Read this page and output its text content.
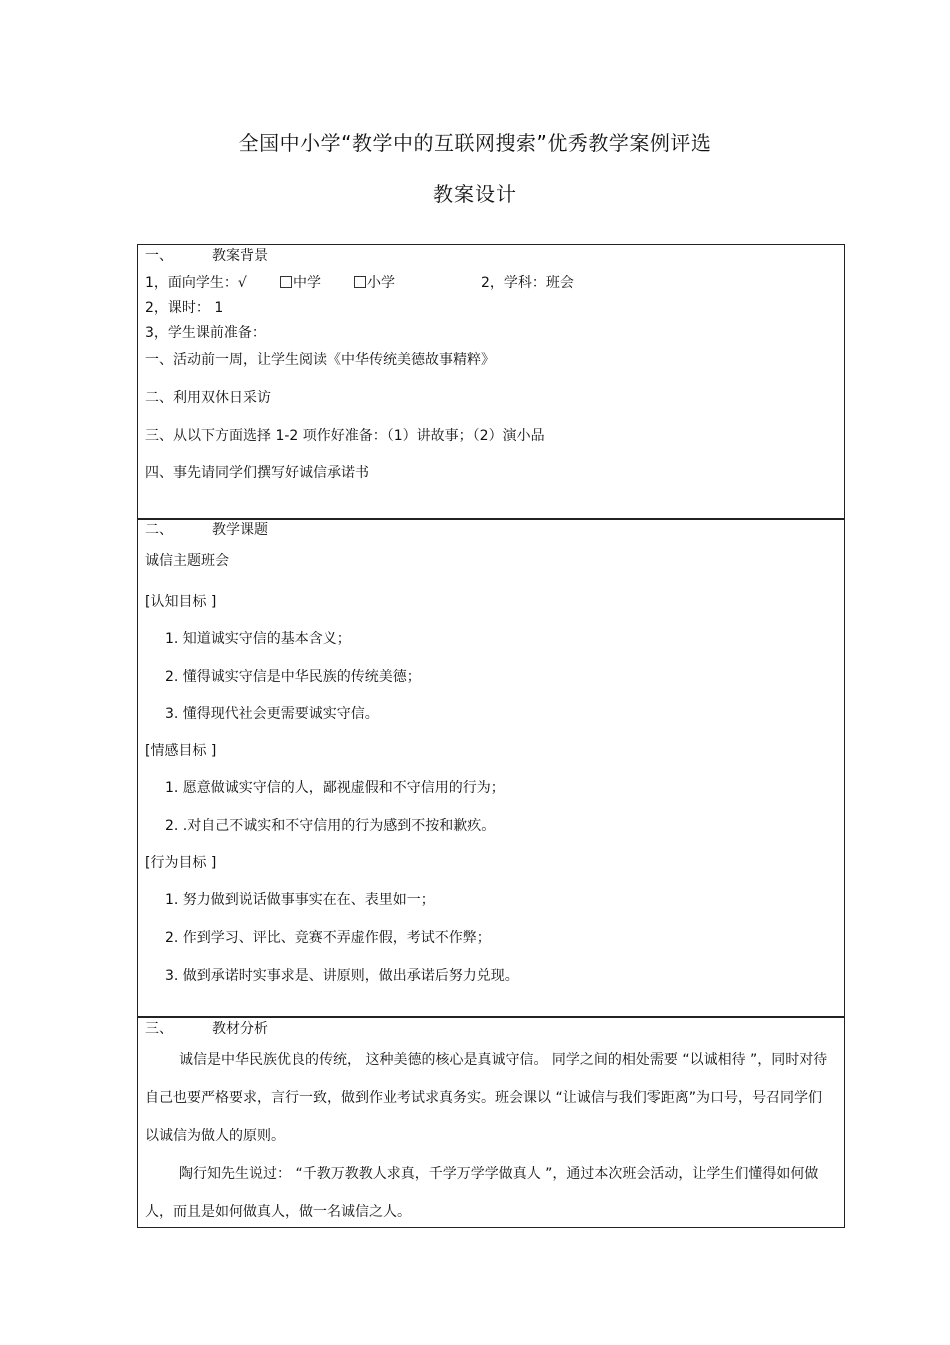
全国中小学“教学中的互联网搜索”优秀教学案例评选
教案设计
一、	教案背景
1，面向学生：√	中学	小学	2，学科：班会
2，课时： 1
3，学生课前准备：
一、活动前一周，让学生阅读《中华传统美德故事精粹》
二、利用双休日采访
三、从以下方面选择 1-2 项作好准备：（1）讲故事；（2）演小品
四、事先请同学们撰写好诚信承诺书
二、	教学课题
诚信主题班会
[认知目标 ]
1. 知道诚实守信的基本含义；
2. 懂得诚实守信是中华民族的传统美德；
3. 懂得现代社会更需要诚实守信。
[情感目标 ]
1. 愿意做诚实守信的人，鄙视虚假和不守信用的行为；
2. .对自己不诚实和不守信用的行为感到不按和歉疚。
[行为目标 ]
1. 努力做到说话做事事实在在、表里如一；
2. 作到学习、评比、竞赛不弄虚作假，考试不作弊；
3. 做到承诺时实事求是、讲原则，做出承诺后努力兑现。
三、	教材分析
诚信是中华民族优良的传统， 这种美德的核心是真诚守信。 同学之间的相处需要 “以诚相待 ”，同时对待自己也要严格要求，言行一致，做到作业考试求真务实。班会课以 “让诚信与我们零距离”为口号，号召同学们以诚信为做人的原则。
陶行知先生说过： “千教万教教人求真，千学万学学做真人 ”，通过本次班会活动，让学生们懂得如何做人，而且是如何做真人，做一名诚信之人。
